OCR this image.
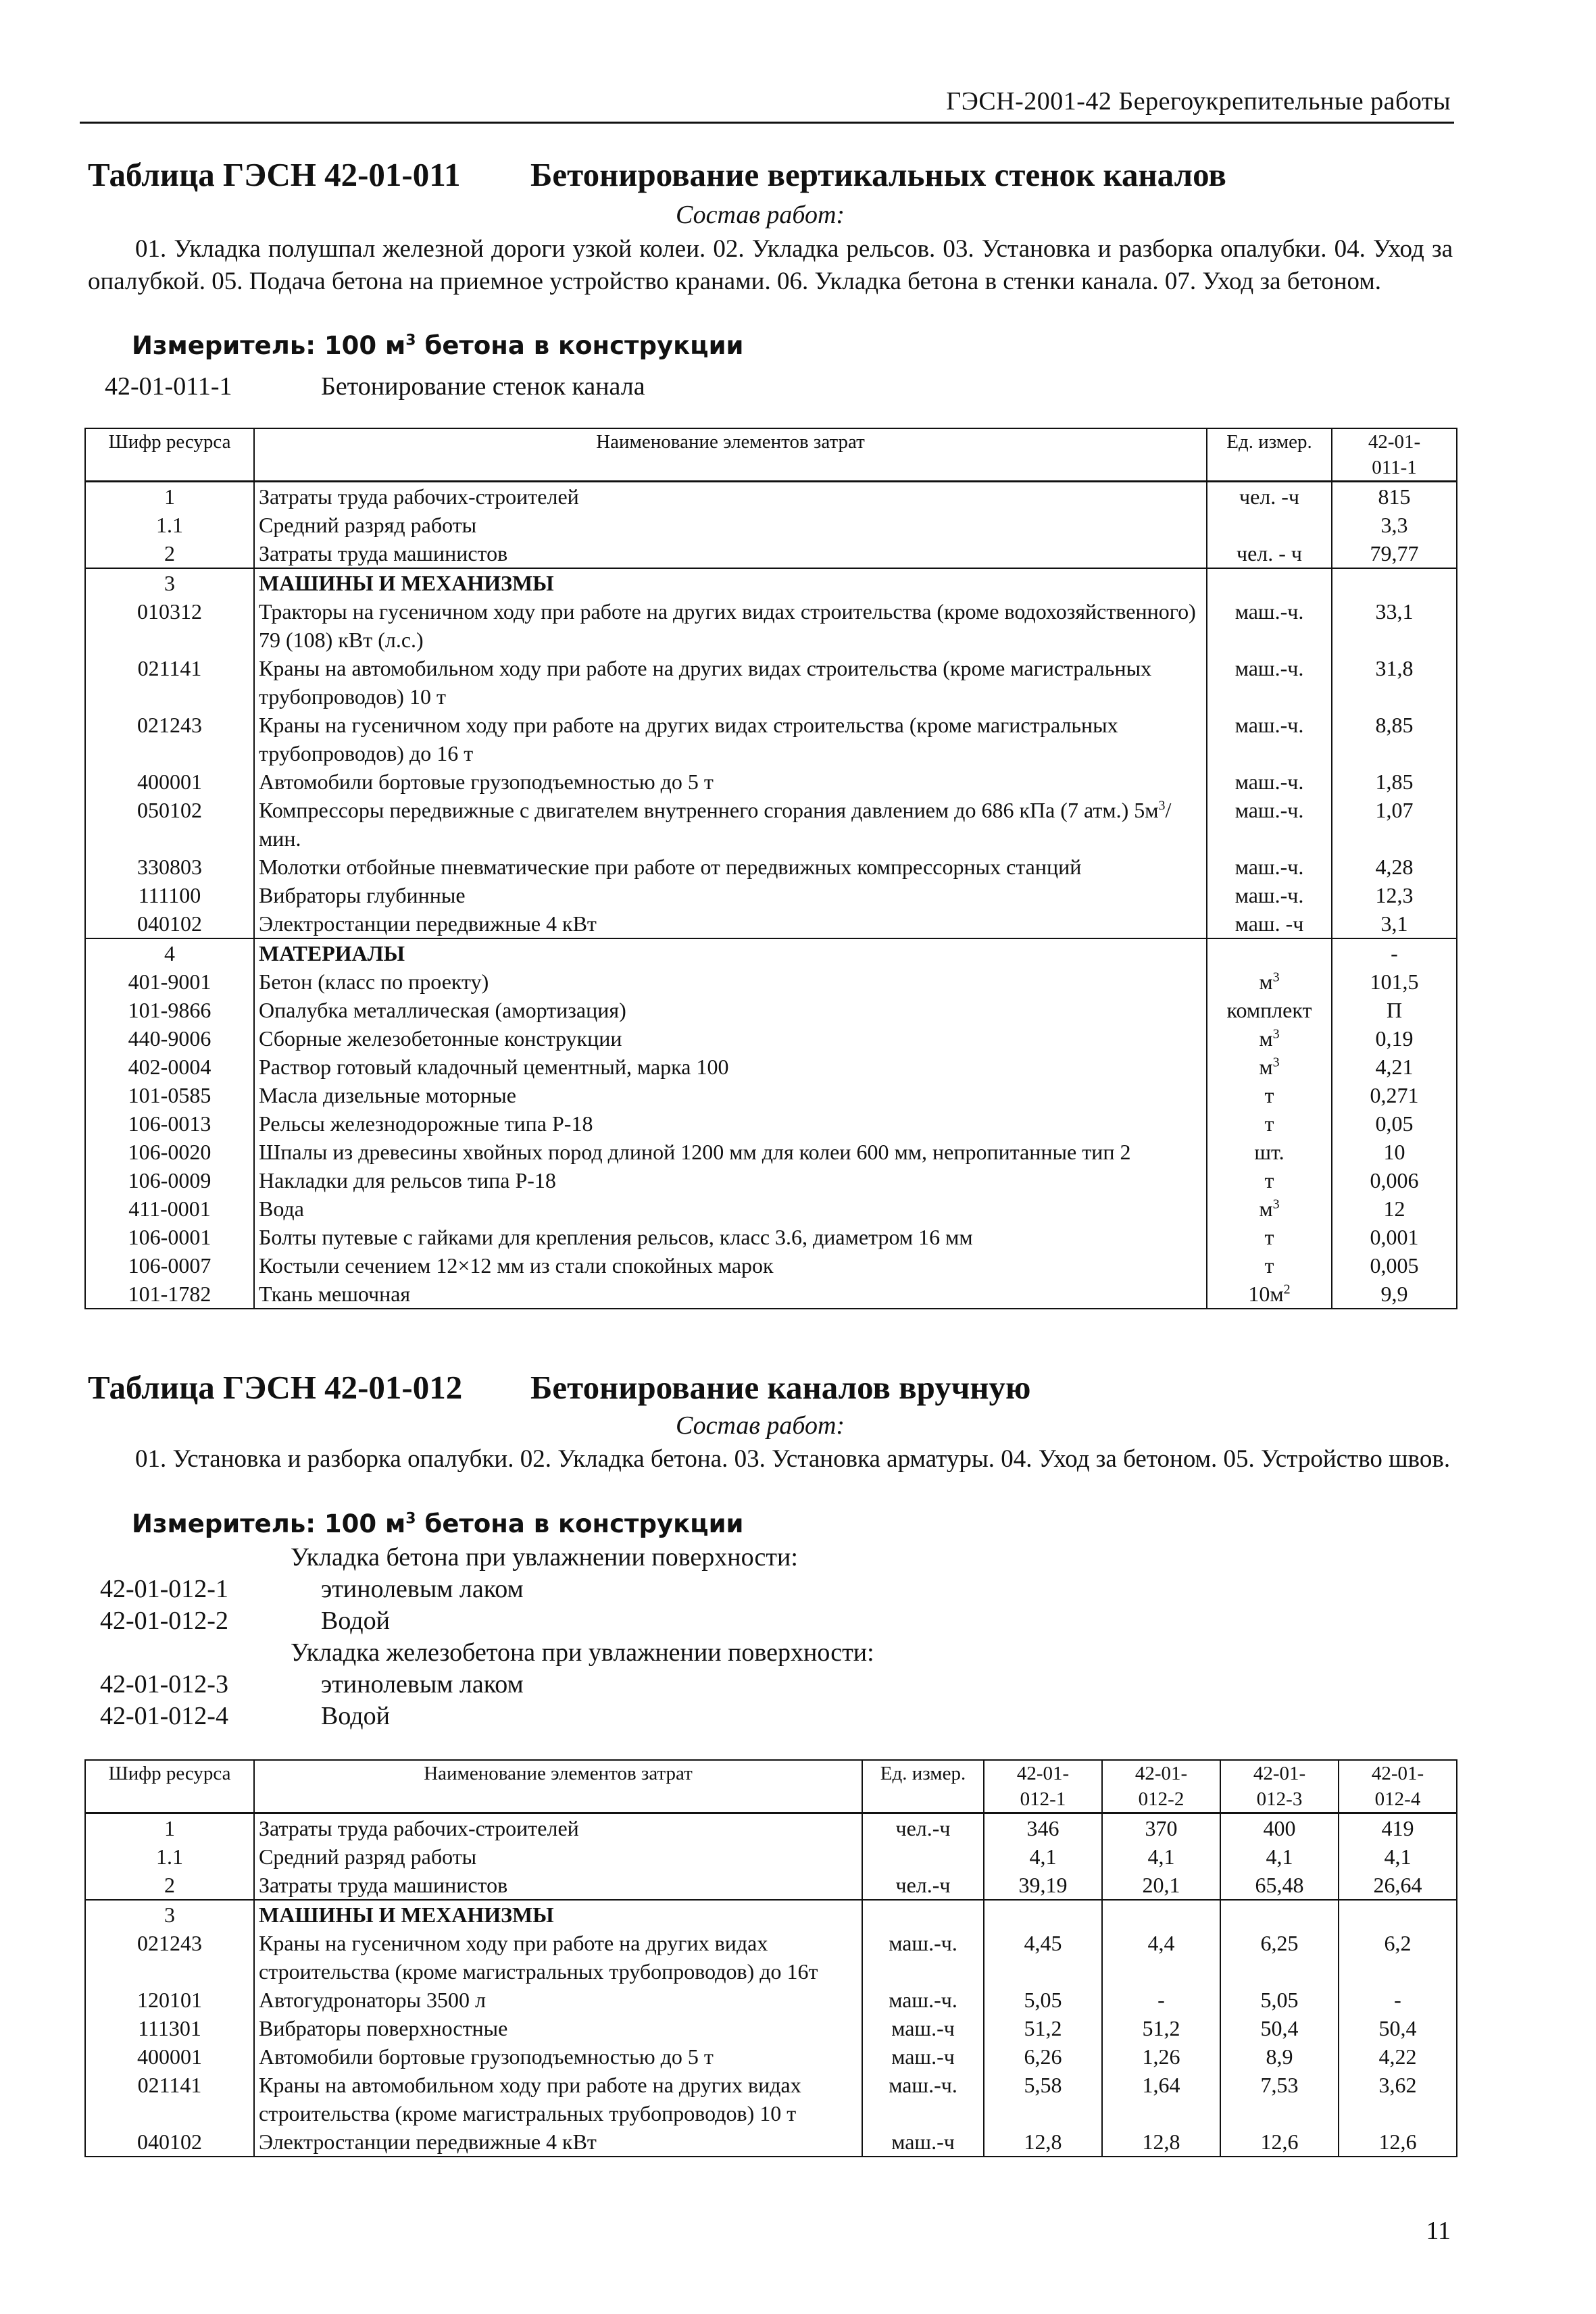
ГЭСН-2001-42 Берегоукрепительные работы
Таблица ГЭСН 42-01-011 Бетонирование вертикальных стенок каналов
Состав работ:
01. Укладка полушпал железной дороги узкой колеи. 02. Укладка рельсов. 03. Установка и разборка опалубки. 04. Уход за опалубкой. 05. Подача бетона на приемное устройство кранами. 06. Укладка бетона в стенки канала. 07. Уход за бетоном.
Измеритель: 100 $м^3$ бетона в конструкции
42-01-011-1	Бетонирование стенок канала
Шифр ресурса	Наименование элементов затрат	Ед. измер.	42-01-
011-1
1	Затраты труда рабочих-строителей	чел. -ч	815
1.1	Средний разряд работы		3,3
2	Затраты труда машинистов	чел. - ч	79,77
3	МАШИНЫ И МЕХАНИЗМЫ		
010312	Тракторы на гусеничном ходу при работе на других видах строительства (кроме водохозяйственного) 79 (108) кВт (л.с.)	маш.-ч.	33,1
021141	Краны на автомобильном ходу при работе на других видах строительства (кроме магистральных трубопроводов) 10 т	маш.-ч.	31,8
021243	Краны на гусеничном ходу при работе на других видах строительства (кроме магистральных трубопроводов) до 16 т	маш.-ч.	8,85
400001	Автомобили бортовые грузоподъемностью до 5 т	маш.-ч.	1,85
050102	Компрессоры передвижные с двигателем внутреннего сгорания давлением до 686 кПа (7 атм.) $5м^3$/мин.	маш.-ч.	1,07
330803	Молотки отбойные пневматические при работе от передвижных компрессорных станций	маш.-ч.	4,28
111100	Вибраторы глубинные	маш.-ч.	12,3
040102	Электростанции передвижные 4 кВт	маш. -ч	3,1
4	МАТЕРИАЛЫ		-
401-9001	Бетон (класс по проекту)	$м^3$	101,5
101-9866	Опалубка металлическая (амортизация)	комплект	П
440-9006	Сборные железобетонные конструкции	$м^3$	0,19
402-0004	Раствор готовый кладочный цементный, марка 100	$м^3$	4,21
101-0585	Масла дизельные моторные	т	0,271
106-0013	Рельсы железнодорожные типа Р-18	т	0,05
106-0020	Шпалы из древесины хвойных пород длиной 1200 мм для колеи 600 мм, непропитанные тип 2	шт.	10
106-0009	Накладки для рельсов типа Р-18	т	0,006
411-0001	Вода	$м^3$	12
106-0001	Болты путевые с гайками для крепления рельсов, класс 3.6, диаметром 16 мм	т	0,001
106-0007	Костыли сечением 12×12 мм из стали спокойных марок	т	0,005
101-1782	Ткань мешочная	$10м^2$	9,9
Таблица ГЭСН 42-01-012 Бетонирование каналов вручную
Состав работ:
01. Установка и разборка опалубки. 02. Укладка бетона. 03. Установка арматуры. 04. Уход за бетоном. 05. Устройство швов.
Измеритель: 100 $м^3$ бетона в конструкции
Укладка бетона при увлажнении поверхности:
42-01-012-1	этинолевым лаком
42-01-012-2	Водой
Укладка железобетона при увлажнении поверхности:
42-01-012-3	этинолевым лаком
42-01-012-4	Водой
Шифр ресурса	Наименование элементов затрат	Ед. измер.	42-01-
012-1	42-01-
012-2	42-01-
012-3	42-01-
012-4
1	Затраты труда рабочих-строителей	чел.-ч	346	370	400	419
1.1	Средний разряд работы		4,1	4,1	4,1	4,1
2	Затраты труда машинистов	чел.-ч	39,19	20,1	65,48	26,64
3	МАШИНЫ И МЕХАНИЗМЫ					
021243	Краны на гусеничном ходу при работе на других видах строительства (кроме магистральных трубопроводов) до 16т	маш.-ч.	4,45	4,4	6,25	6,2
120101	Автогудронаторы 3500 л	маш.-ч.	5,05	-	5,05	-
111301	Вибраторы поверхностные	маш.-ч	51,2	51,2	50,4	50,4
400001	Автомобили бортовые грузоподъемностью до 5 т	маш.-ч	6,26	1,26	8,9	4,22
021141	Краны на автомобильном ходу при работе на других видах строительства (кроме магистральных трубопроводов) 10 т	маш.-ч.	5,58	1,64	7,53	3,62
040102	Электростанции передвижные 4 кВт	маш.-ч	12,8	12,8	12,6	12,6
11
